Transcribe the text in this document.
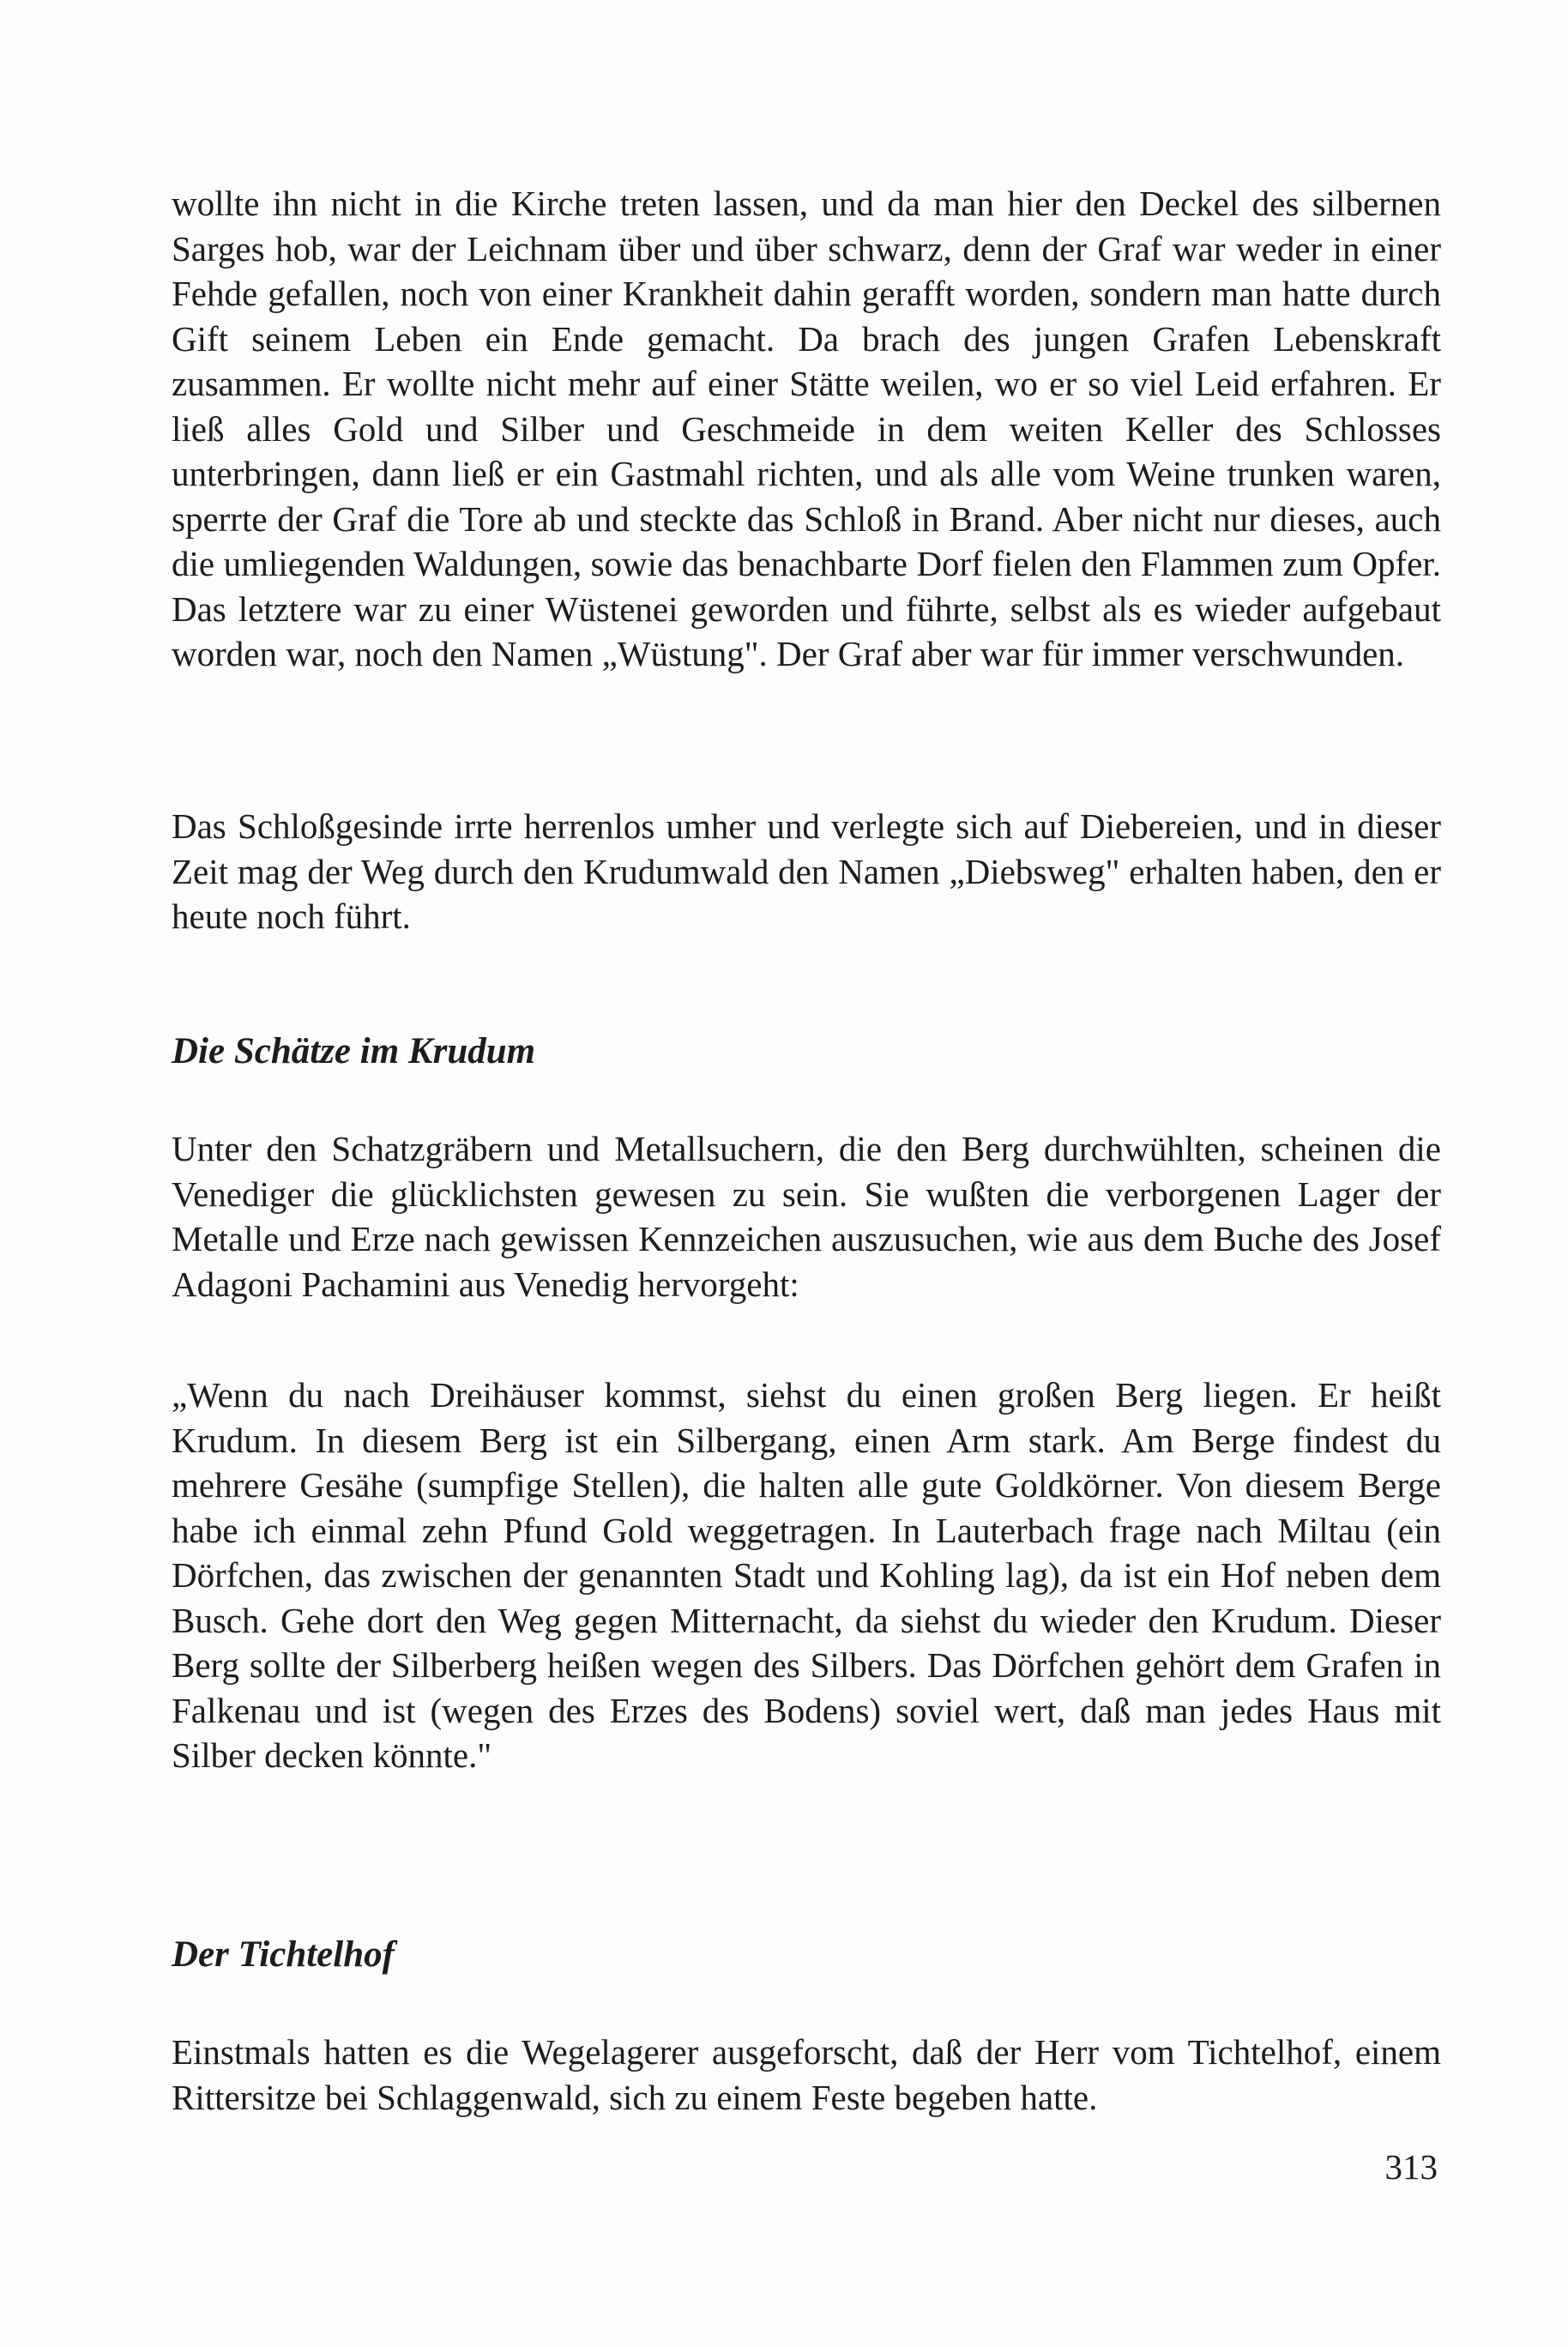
wollte ihn nicht in die Kirche treten lassen, und da man hier den Deckel des silbernen Sarges hob, war der Leichnam über und über schwarz, denn der Graf war weder in einer Fehde gefallen, noch von einer Krankheit dahin gerafft worden, sondern man hatte durch Gift seinem Leben ein Ende gemacht. Da brach des jungen Grafen Lebenskraft zusammen. Er wollte nicht mehr auf einer Stätte weilen, wo er so viel Leid erfahren. Er ließ alles Gold und Silber und Geschmeide in dem weiten Keller des Schlosses unterbringen, dann ließ er ein Gastmahl richten, und als alle vom Weine trunken waren, sperrte der Graf die Tore ab und steckte das Schloß in Brand. Aber nicht nur dieses, auch die umliegenden Waldungen, sowie das benachbarte Dorf fielen den Flammen zum Opfer. Das letztere war zu einer Wüstenei geworden und führte, selbst als es wieder aufgebaut worden war, noch den Namen „Wüstung". Der Graf aber war für immer verschwunden.

Das Schloßgesinde irrte herrenlos umher und verlegte sich auf Diebereien, und in dieser Zeit mag der Weg durch den Krudumwald den Namen „Diebsweg" erhalten haben, den er heute noch führt.

Die Schätze im Krudum

Unter den Schatzgräbern und Metallsuchern, die den Berg durchwühlten, scheinen die Venediger die glücklichsten gewesen zu sein. Sie wußten die verborgenen Lager der Metalle und Erze nach gewissen Kennzeichen auszusuchen, wie aus dem Buche des Josef Adagoni Pachamini aus Venedig hervorgeht:

„Wenn du nach Dreihäuser kommst, siehst du einen großen Berg liegen. Er heißt Krudum. In diesem Berg ist ein Silbergang, einen Arm stark. Am Berge findest du mehrere Gesähe (sumpfige Stellen), die halten alle gute Goldkörner. Von diesem Berge habe ich einmal zehn Pfund Gold weggetragen. In Lauterbach frage nach Miltau (ein Dörfchen, das zwischen der genannten Stadt und Kohling lag), da ist ein Hof neben dem Busch. Gehe dort den Weg gegen Mitternacht, da siehst du wieder den Krudum. Dieser Berg sollte der Silberberg heißen wegen des Silbers. Das Dörfchen gehört dem Grafen in Falkenau und ist (wegen des Erzes des Bodens) soviel wert, daß man jedes Haus mit Silber decken könnte."

Der Tichtelhof

Einstmals hatten es die Wegelagerer ausgeforscht, daß der Herr vom Tichtelhof, einem Rittersitze bei Schlaggenwald, sich zu einem Feste begeben hatte.

313
